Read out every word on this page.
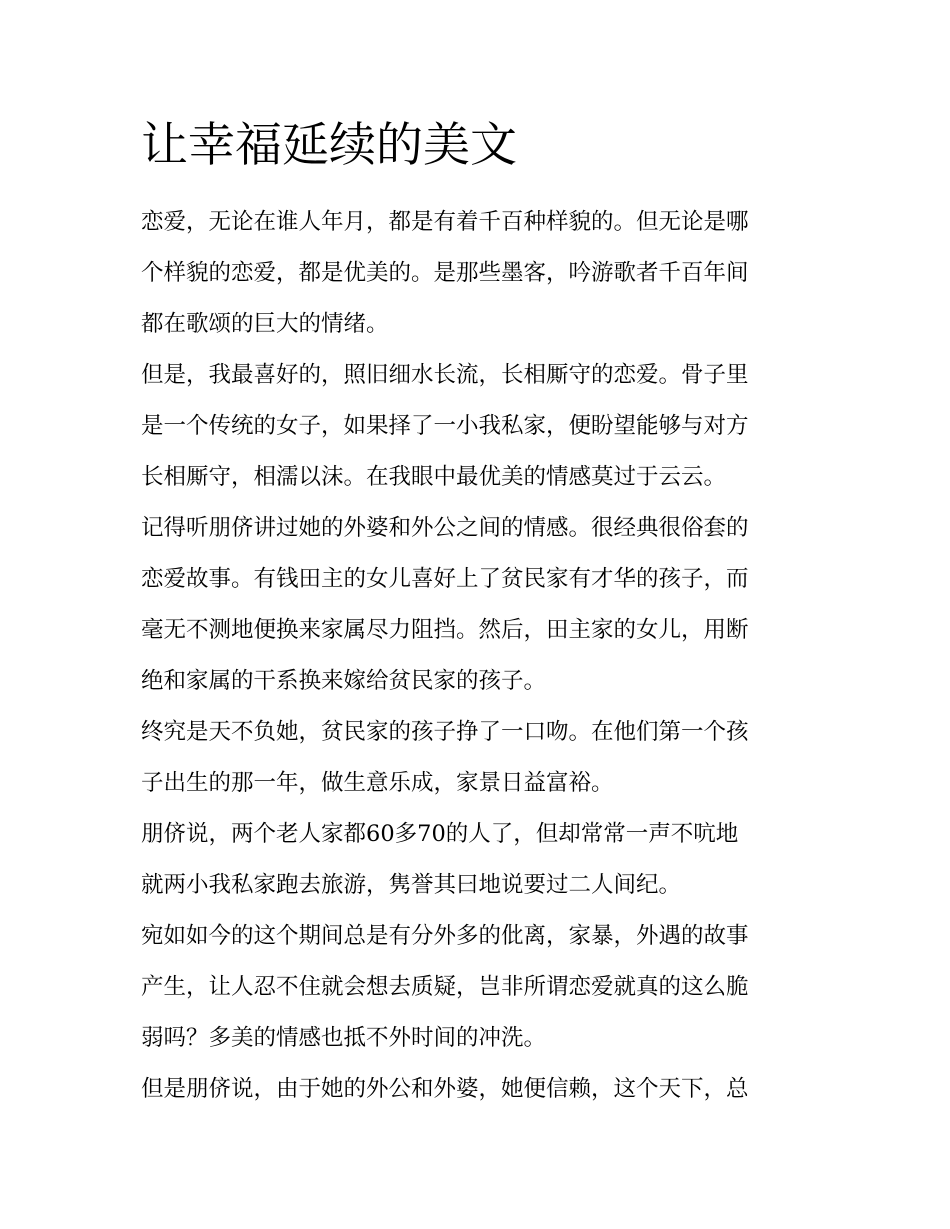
让幸福延续的美文

恋爱，无论在谁人年月，都是有着千百种样貌的。但无论是哪

个样貌的恋爱，都是优美的。是那些墨客，吟游歌者千百年间

都在歌颂的巨大的情绪。

但是，我最喜好的，照旧细水长流，长相厮守的恋爱。骨子里

是一个传统的女子，如果择了一小我私家，便盼望能够与对方

长相厮守，相濡以沫。在我眼中最优美的情感莫过于云云。

记得听朋侪讲过她的外婆和外公之间的情感。很经典很俗套的

恋爱故事。有钱田主的女儿喜好上了贫民家有才华的孩子，而

毫无不测地便换来家属尽力阻挡。然后，田主家的女儿，用断

绝和家属的干系换来嫁给贫民家的孩子。

终究是天不负她，贫民家的孩子挣了一口吻。在他们第一个孩

子出生的那一年，做生意乐成，家景日益富裕。

朋侪说，两个老人家都60多70的人了，但却常常一声不吭地

就两小我私家跑去旅游，隽誉其曰地说要过二人间纪。

宛如如今的这个期间总是有分外多的仳离，家暴，外遇的故事

产生，让人忍不住就会想去质疑，岂非所谓恋爱就真的这么脆

弱吗？多美的情感也抵不外时间的冲洗。

但是朋侪说，由于她的外公和外婆，她便信赖，这个天下，总
